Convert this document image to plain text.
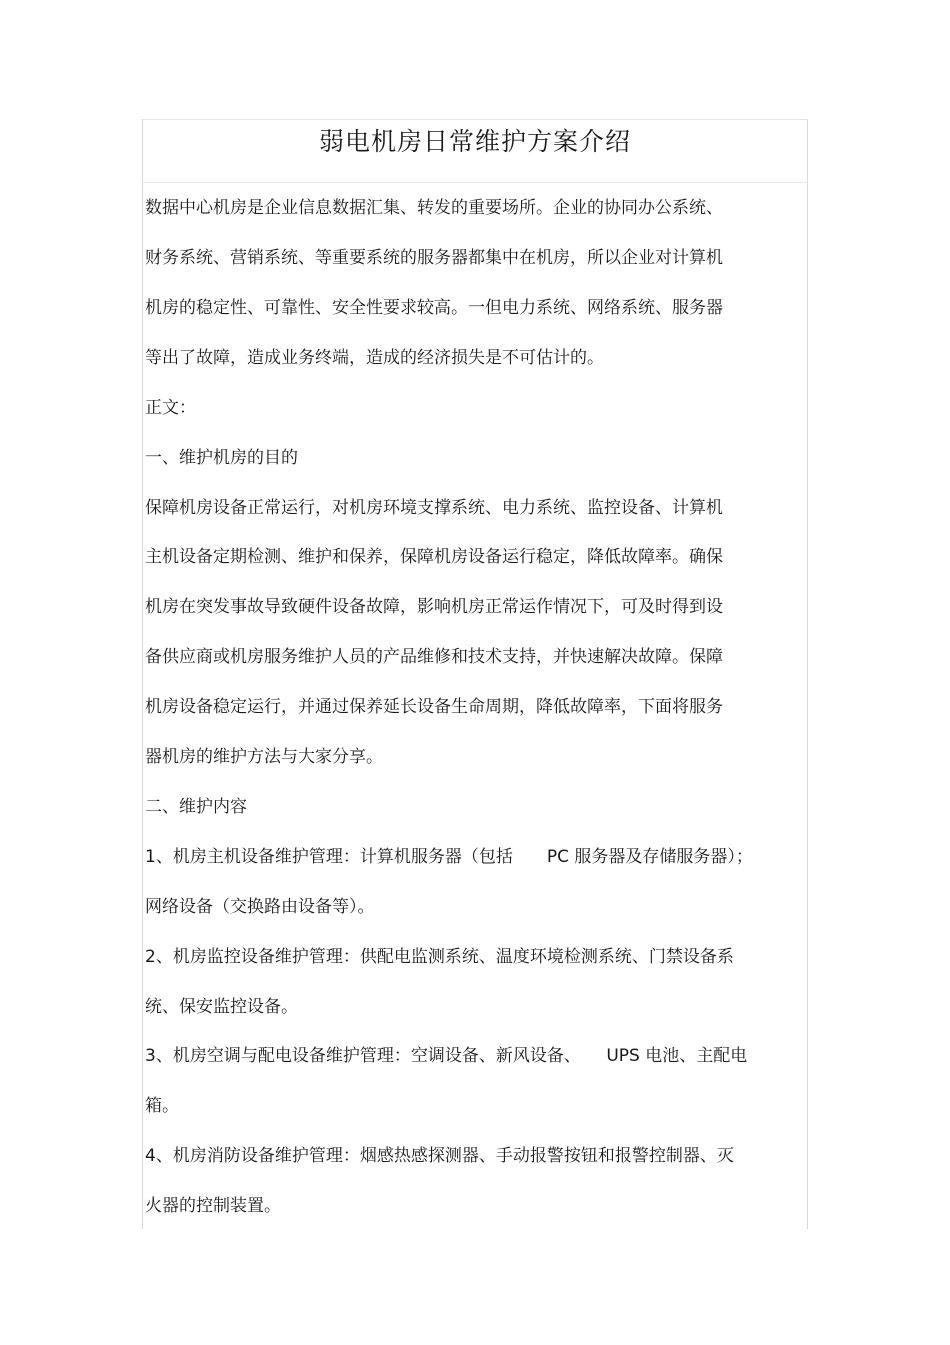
弱电机房日常维护方案介绍

数据中心机房是企业信息数据汇集、转发的重要场所。企业的协同办公系统、

财务系统、营销系统、等重要系统的服务器都集中在机房，所以企业对计算机

机房的稳定性、可靠性、安全性要求较高。一但电力系统、网络系统、服务器

等出了故障，造成业务终端，造成的经济损失是不可估计的。

正文：

一、维护机房的目的

保障机房设备正常运行，对机房环境支撑系统、电力系统、监控设备、计算机

主机设备定期检测、维护和保养，保障机房设备运行稳定，降低故障率。确保

机房在突发事故导致硬件设备故障，影响机房正常运作情况下，可及时得到设

备供应商或机房服务维护人员的产品维修和技术支持，并快速解决故障。保障

机房设备稳定运行，并通过保养延长设备生命周期，降低故障率，下面将服务

器机房的维护方法与大家分享。

二、维护内容

1、机房主机设备维护管理：计算机服务器（包括　　PC 服务器及存储服务器）；

网络设备（交换路由设备等）。

2、机房监控设备维护管理：供配电监测系统、温度环境检测系统、门禁设备系

统、保安监控设备。

3、机房空调与配电设备维护管理：空调设备、新风设备、　　UPS 电池、主配电

箱。

4、机房消防设备维护管理：烟感热感探测器、手动报警按钮和报警控制器、灭

火器的控制装置。
